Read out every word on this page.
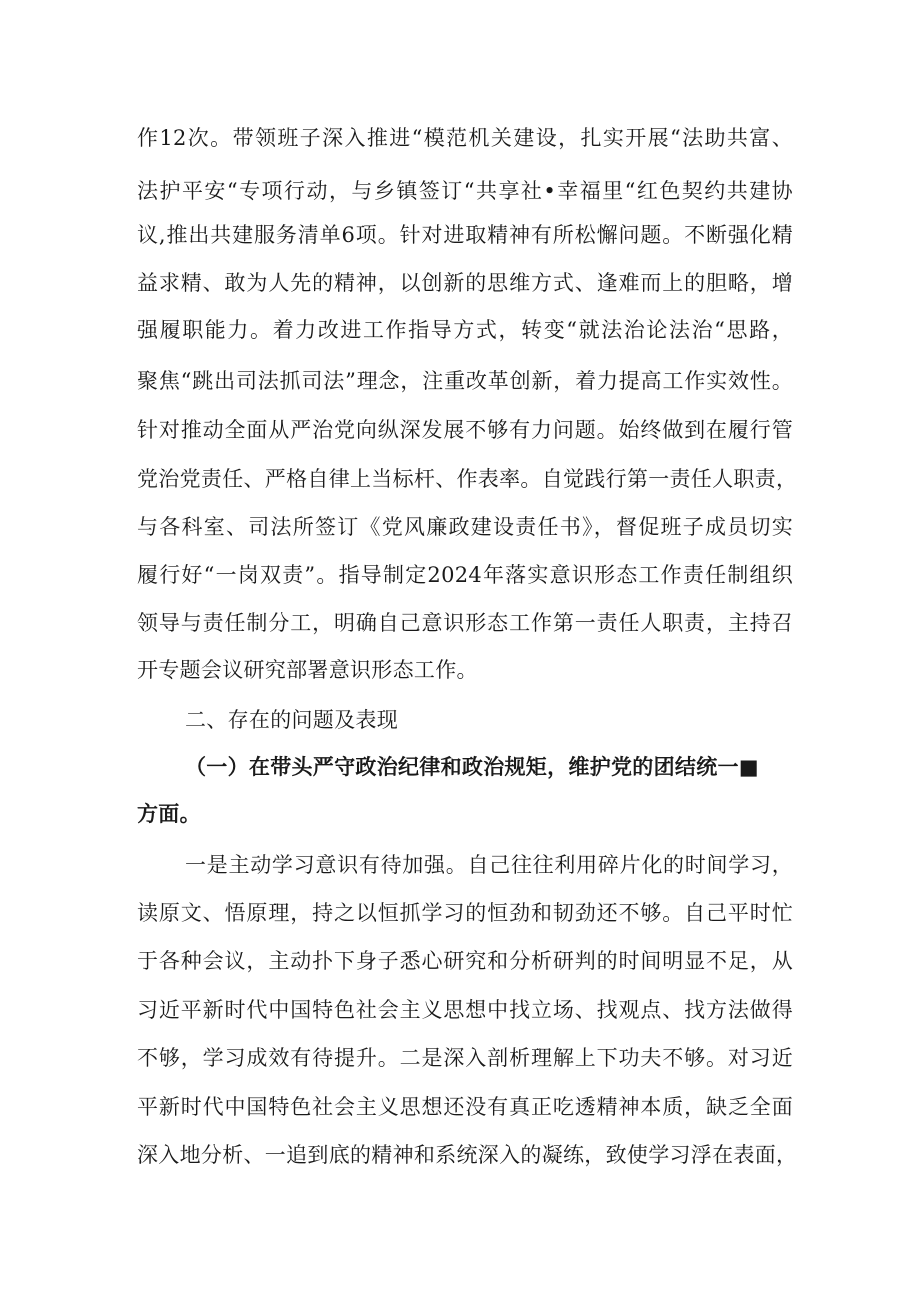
作12次。带领班子深入推进“模范机关建设，扎实开展“法助共富、
法护平安“专项行动，与乡镇签订“共享社•幸福里“红色契约共建协
议,推出共建服务清单6项。针对进取精神有所松懈问题。不断强化精
益求精、敢为人先的精神，以创新的思维方式、逢难而上的胆略，增
强履职能力。着力改进工作指导方式，转变“就法治论法治“思路，
聚焦“跳出司法抓司法”理念，注重改革创新，着力提高工作实效性。
针对推动全面从严治党向纵深发展不够有力问题。始终做到在履行管
党治党责任、严格自律上当标杆、作表率。自觉践行第一责任人职责，
与各科室、司法所签订《党风廉政建设责任书》，督促班子成员切实
履行好“一岗双责”。指导制定2024年落实意识形态工作责任制组织
领导与责任制分工，明确自己意识形态工作第一责任人职责，主持召
开专题会议研究部署意识形态工作。
二、存在的问题及表现
（一）在带头严守政治纪律和政治规矩，维护党的团结统一■
方面。
一是主动学习意识有待加强。自己往往利用碎片化的时间学习，
读原文、悟原理，持之以恒抓学习的恒劲和韧劲还不够。自己平时忙
于各种会议，主动扑下身子悉心研究和分析研判的时间明显不足，从
习近平新时代中国特色社会主义思想中找立场、找观点、找方法做得
不够，学习成效有待提升。二是深入剖析理解上下功夫不够。对习近
平新时代中国特色社会主义思想还没有真正吃透精神本质，缺乏全面
深入地分析、一追到底的精神和系统深入的凝练，致使学习浮在表面，
